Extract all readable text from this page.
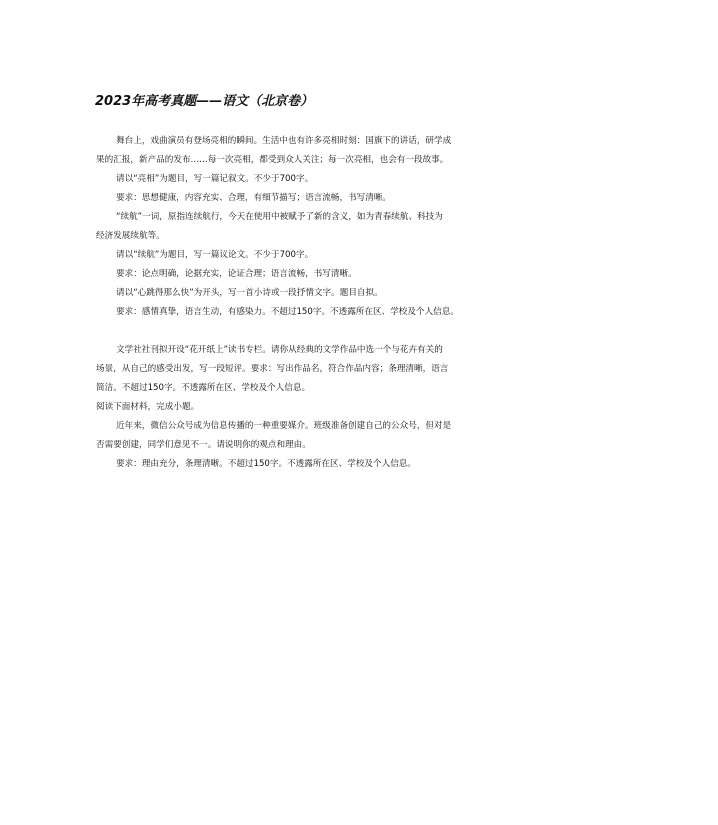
2023年高考真题——语文（北京卷）
舞台上，戏曲演员有登场亮相的瞬间。生活中也有许多亮相时刻：国旗下的讲话，研学成
果的汇报，新产品的发布……每一次亮相，都受到众人关注；每一次亮相，也会有一段故事。
请以“亮相”为题目，写一篇记叙文。不少于700字。
要求：思想健康，内容充实、合理，有细节描写；语言流畅，书写清晰。
“续航”一词，原指连续航行，今天在使用中被赋予了新的含义，如为青春续航、科技为
经济发展续航等。
请以“续航”为题目，写一篇议论文。不少于700字。
要求：论点明确，论据充实，论证合理；语言流畅，书写清晰。
请以“心跳得那么快”为开头，写一首小诗或一段抒情文字。题目自拟。
要求：感情真挚，语言生动，有感染力。不超过150字。不透露所在区、学校及个人信息。
文学社社刊拟开设“花开纸上”读书专栏。请你从经典的文学作品中选一个与花卉有关的
场景，从自己的感受出发，写一段短评。要求：写出作品名，符合作品内容；条理清晰，语言
简洁。不超过150字。不透露所在区、学校及个人信息。
阅读下面材料，完成小题。
近年来，微信公众号成为信息传播的一种重要媒介。班级准备创建自己的公众号，但对是
否需要创建，同学们意见不一。请说明你的观点和理由。
要求：理由充分，条理清晰。不超过150字。不透露所在区、学校及个人信息。
